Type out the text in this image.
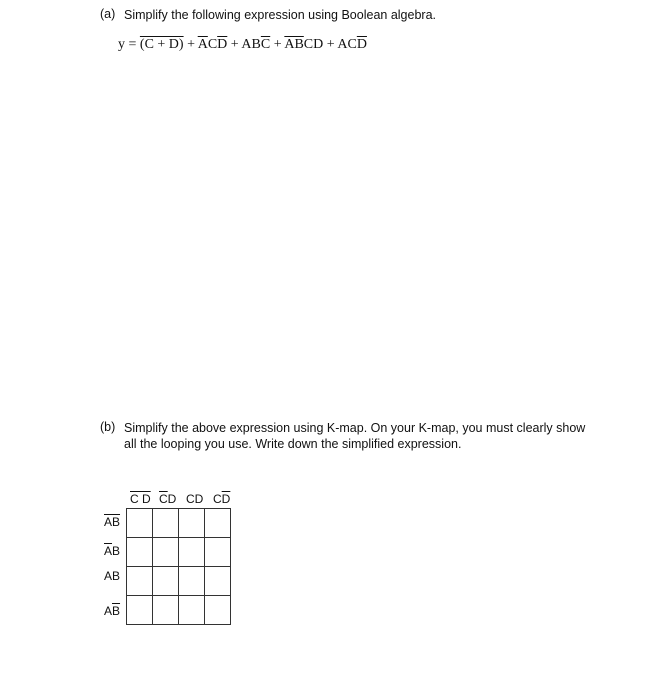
(a) Simplify the following expression using Boolean algebra.
$y = (C + D) + \overline{A}C\overline{D} + AB\overline{C} + \overline{AB}CD + AC\overline{D}$
(b) Simplify the above expression using K-map. On your K-map, you must clearly show
all the looping you use. Write down the simplified expression.
C D $\overline{C}D$ CD $C\overline{D}$
$\overline{AB}$
$\overline{A}B$
AB
$A\overline{B}$
